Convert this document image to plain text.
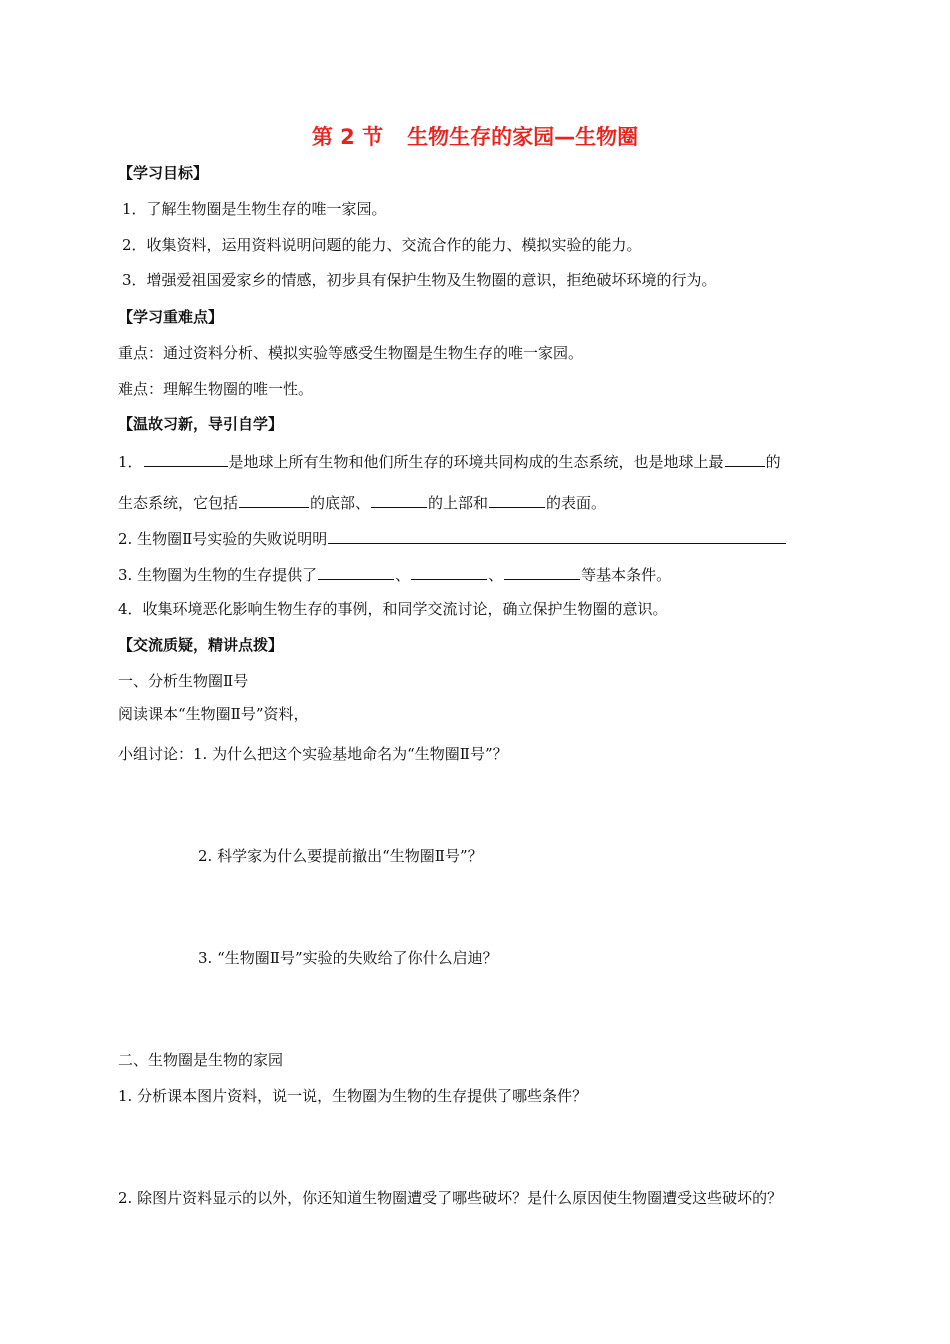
第 2 节 生物生存的家园—生物圈
【学习目标】
1．了解生物圈是生物生存的唯一家园。
2．收集资料，运用资料说明问题的能力、交流合作的能力、模拟实验的能力。
3．增强爱祖国爱家乡的情感，初步具有保护生物及生物圈的意识，拒绝破坏环境的行为。
【学习重难点】
重点：通过资料分析、模拟实验等感受生物圈是生物生存的唯一家园。
难点：理解生物圈的唯一性。
【温故习新，导引自学】
1．	是地球上所有生物和他们所生存的环境共同构成的生态系统，也是地球上最	的
生态系统，它包括	的底部、	的上部和	的表面。
2. 生物圈Ⅱ号实验的失败说明明
3. 生物圈为生物的生存提供了	、	、	等基本条件。
4．收集环境恶化影响生物生存的事例，和同学交流讨论，确立保护生物圈的意识。
【交流质疑，精讲点拨】
一、分析生物圈Ⅱ号
阅读课本“生物圈Ⅱ号”资料，
小组讨论：1. 为什么把这个实验基地命名为“生物圈Ⅱ号”？
2. 科学家为什么要提前撤出“生物圈Ⅱ号”？
3. “生物圈Ⅱ号”实验的失败给了你什么启迪？
二、生物圈是生物的家园
1. 分析课本图片资料，说一说，生物圈为生物的生存提供了哪些条件？
2. 除图片资料显示的以外，你还知道生物圈遭受了哪些破坏？是什么原因使生物圈遭受这些破坏的？
